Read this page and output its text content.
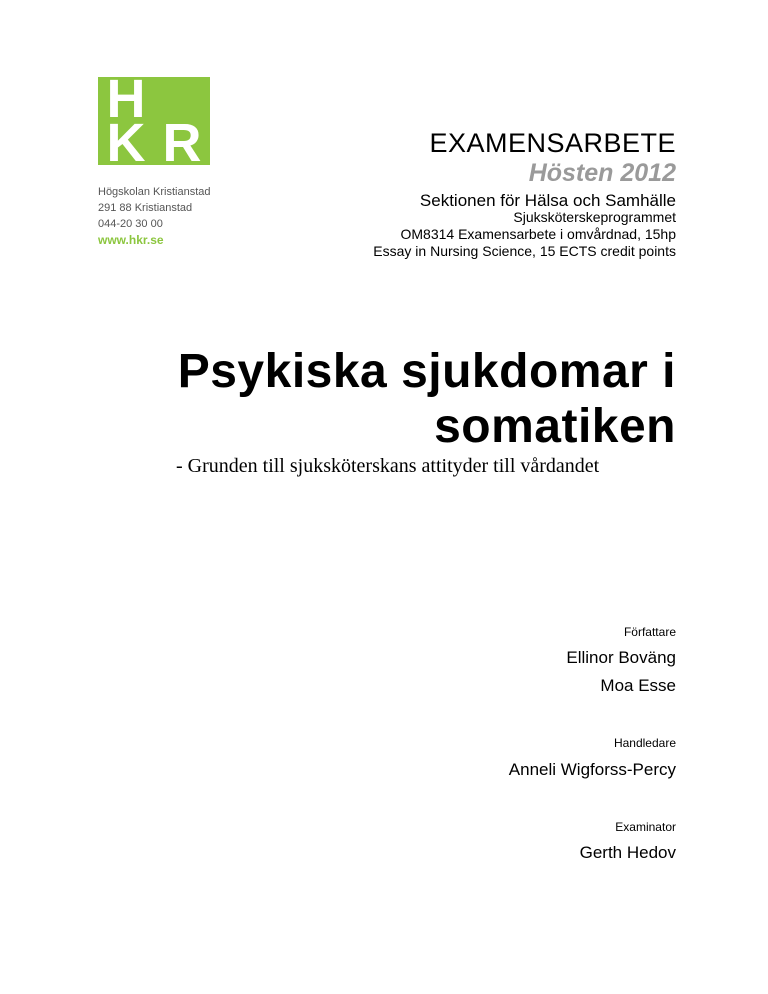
H
K R
Högskolan Kristianstad
291 88 Kristianstad
044-20 30 00
www.hkr.se
EXAMENSARBETE
Hösten 2012
Sektionen för Hälsa och Samhälle
Sjuksköterskeprogrammet
OM8314 Examensarbete i omvårdnad, 15hp
Essay in Nursing Science, 15 ECTS credit points
Psykiska sjukdomar i
somatiken
- Grunden till sjuksköterskans attityder till vårdandet
Författare
Ellinor Boväng
Moa Esse
Handledare
Anneli Wigforss-Percy
Examinator
Gerth Hedov
